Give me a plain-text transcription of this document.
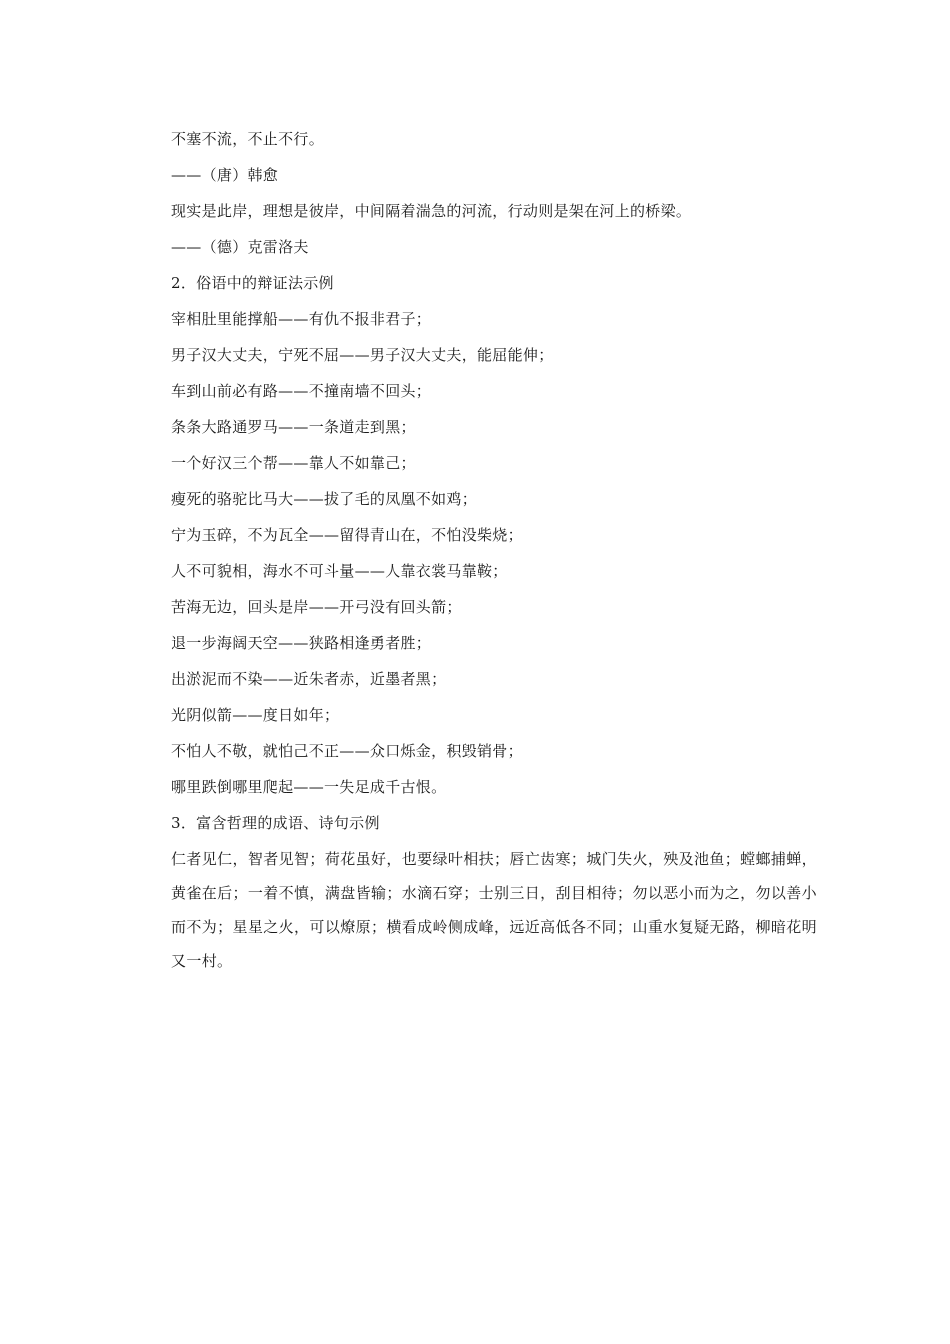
不塞不流，不止不行。
——（唐）韩愈
现实是此岸，理想是彼岸，中间隔着湍急的河流，行动则是架在河上的桥梁。
——（德）克雷洛夫
2．俗语中的辩证法示例
宰相肚里能撑船——有仇不报非君子；
男子汉大丈夫，宁死不屈——男子汉大丈夫，能屈能伸；
车到山前必有路——不撞南墙不回头；
条条大路通罗马——一条道走到黑；
一个好汉三个帮——靠人不如靠己；
瘦死的骆驼比马大——拔了毛的凤凰不如鸡；
宁为玉碎，不为瓦全——留得青山在，不怕没柴烧；
人不可貌相，海水不可斗量——人靠衣裳马靠鞍；
苦海无边，回头是岸——开弓没有回头箭；
退一步海阔天空——狭路相逢勇者胜；
出淤泥而不染——近朱者赤，近墨者黑；
光阴似箭——度日如年；
不怕人不敬，就怕己不正——众口烁金，积毁销骨；
哪里跌倒哪里爬起——一失足成千古恨。
3．富含哲理的成语、诗句示例
仁者见仁，智者见智；荷花虽好，也要绿叶相扶；唇亡齿寒；城门失火，殃及池鱼；螳螂捕蝉，黄雀在后；一着不慎，满盘皆输；水滴石穿；士别三日，刮目相待；勿以恶小而为之，勿以善小而不为；星星之火，可以燎原；横看成岭侧成峰，远近高低各不同；山重水复疑无路，柳暗花明又一村。
